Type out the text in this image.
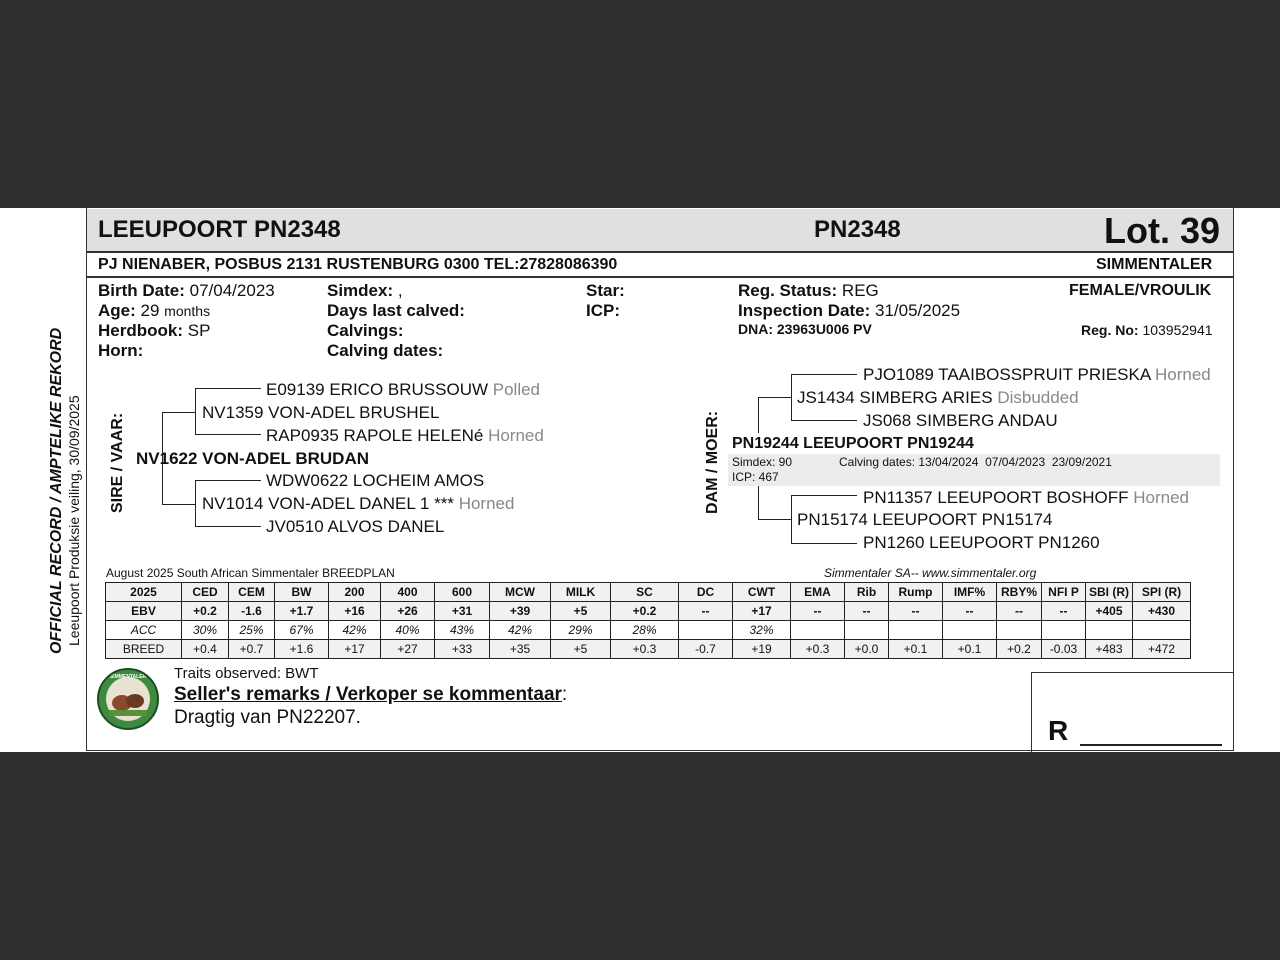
OFFICIAL RECORD / AMPTELIKE REKORD Leeupoort Produksie veiling, 30/09/2025
LEEUPOORT PN2348	PN2348	Lot. 39
PJ NIENABER, POSBUS 2131 RUSTENBURG 0300 TEL:27828086390	SIMMENTALER
Birth Date: 07/04/2023
Age: 29 months
Herdbook: SP
Horn:
Simdex: ,
Days last calved:
Calvings:
Calving dates:
Star:
ICP:
Reg. Status: REG
Inspection Date: 31/05/2025
DNA: 23963U006 PV
FEMALE/VROULIK
Reg. No: 103952941
SIRE / VAAR:
E09139 ERICO BRUSSOUW Polled
NV1359 VON-ADEL BRUSHEL
RAP0935 RAPOLE HELENé Horned
NV1622 VON-ADEL BRUDAN
WDW0622 LOCHEIM AMOS
NV1014 VON-ADEL DANEL 1 *** Horned
JV0510 ALVOS DANEL
DAM / MOER:
PJO1089 TAAIBOSSPRUIT PRIESKA Horned
JS1434 SIMBERG ARIES Disbudded
JS068 SIMBERG ANDAU
PN19244 LEEUPOORT PN19244
Simdex: 90	Calving dates: 13/04/2024  07/04/2023  23/09/2021
ICP: 467
PN11357 LEEUPOORT BOSHOFF Horned
PN15174 LEEUPOORT PN15174
PN1260 LEEUPOORT PN1260
August 2025 South African Simmentaler BREEDPLAN	Simmentaler SA-- www.simmentaler.org
2025	CED	CEM	BW	200	400	600	MCW	MILK	SC	DC	CWT	EMA	Rib	Rump	IMF%	RBY%	NFI P	SBI (R)	SPI (R)
EBV	+0.2	-1.6	+1.7	+16	+26	+31	+39	+5	+0.2	--	+17	--	--	--	--	--	--	+405	+430
ACC	30%	25%	67%	42%	40%	43%	42%	29%	28%		32%								
BREED	+0.4	+0.7	+1.6	+17	+27	+33	+35	+5	+0.3	-0.7	+19	+0.3	+0.0	+0.1	+0.1	+0.2	-0.03	+483	+472
SIMMENTALER	Traits observed: BWT
Seller's remarks / Verkoper se kommentaar:
Dragtig van PN22207.	R
